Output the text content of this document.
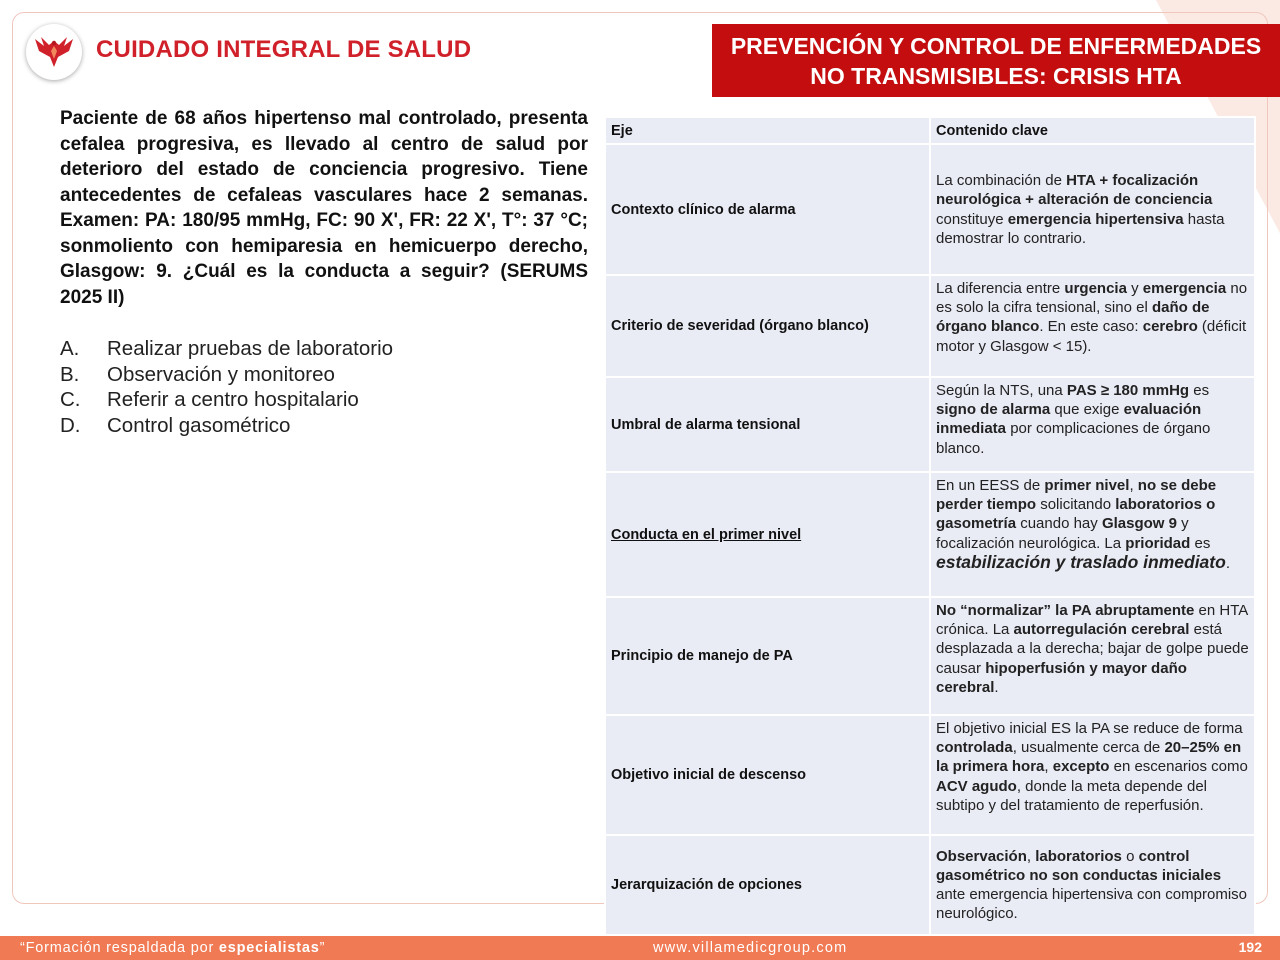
CUIDADO INTEGRAL DE SALUD	PREVENCIÓN Y CONTROL DE ENFERMEDADES
NO TRANSMISIBLES: CRISIS HTA

Paciente de 68 años hipertenso mal controlado, presenta cefalea progresiva, es llevado al centro de salud por deterioro del estado de conciencia progresivo. Tiene antecedentes de cefaleas vasculares hace 2 semanas. Examen: PA: 180/95 mmHg, FC: 90 X', FR: 22 X', T°: 37 °C; sonmoliento con hemiparesia en hemicuerpo derecho, Glasgow: 9. ¿Cuál es la conducta a seguir? (SERUMS 2025 II)

A.	Realizar pruebas de laboratorio
B.	Observación y monitoreo
C.	Referir a centro hospitalario
D.	Control gasométrico
Eje	Contenido clave
Contexto clínico de alarma	La combinación de HTA + focalización neurológica + alteración de conciencia constituye emergencia hipertensiva hasta demostrar lo contrario.
Criterio de severidad (órgano blanco)	La diferencia entre urgencia y emergencia no es solo la cifra tensional, sino el daño de órgano blanco. En este caso: cerebro (déficit motor y Glasgow < 15).
Umbral de alarma tensional	Según la NTS, una PAS ≥ 180 mmHg es signo de alarma que exige evaluación inmediata por complicaciones de órgano blanco.
Conducta en el primer nivel	En un EESS de primer nivel, no se debe perder tiempo solicitando laboratorios o gasometría cuando hay Glasgow 9 y focalización neurológica. La prioridad es estabilización y traslado inmediato.
Principio de manejo de PA	No “normalizar” la PA abruptamente en HTA crónica. La autorregulación cerebral está desplazada a la derecha; bajar de golpe puede causar hipoperfusión y mayor daño cerebral.
Objetivo inicial de descenso	El objetivo inicial ES la PA se reduce de forma controlada, usualmente cerca de 20–25% en la primera hora, excepto en escenarios como ACV agudo, donde la meta depende del subtipo y del tratamiento de reperfusión.
Jerarquización de opciones	Observación, laboratorios o control gasométrico no son conductas iniciales ante emergencia hipertensiva con compromiso neurológico.
“Formación respaldada por especialistas”	www.villamedicgroup.com	192
